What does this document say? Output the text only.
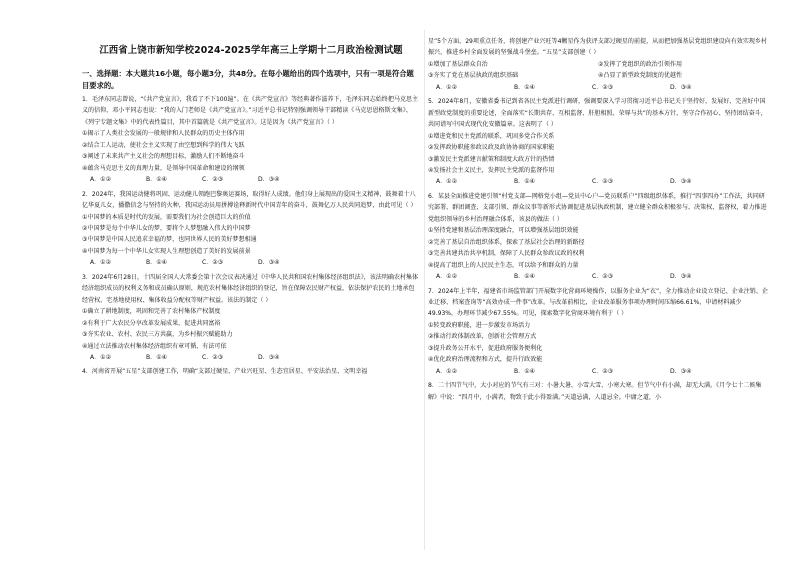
江西省上饶市新知学校2024-2025学年高三上学期十二月政治检测试题
一、选择题：本大题共16小题，每小题3分，共48分。在每小题给出的四个选项中，只有一项是符合题目要求的。

1．毛泽东同志曾说，“《共产党宣言》，我看了不下100遍”。在《共产党宣言》等经典著作滋养下，毛泽东同志始终把马克思主义的信仰，邓小平同志也说：“我的入门老师是《共产党宣言》。”习近平总书记特别强调领导干部精读《马克思恩格斯文集》、《列宁专题文集》中的代表性篇目，其中首篇就是《共产党宣言》。这是因为《共产党宣言》（ ）

①揭示了人类社会发展的一般规律和人民群众的历史主体作用

②结合工人运动，使社会主义实现了由空想到科学的伟大飞跃

③阐述了未来共产主义社会的理想目标，激励人们不断地奋斗

④蕴含马克思主义的真理力量，是领导中国革命和建设的纲领

A．①②	B．①④	C．②③	D．③④

2．2024年，我国运动健将巩固、运动健儿领跑巴黎奥运赛场，取得好人成绩。他们身上展现出的爱国主义精神，鼓舞着十八亿华夏儿女，播撒信念与坚持的火种，我国运动员用拼搏诠释新时代中国青年的奋斗，鼓舞亿万人民共同追梦，由此可见（ ）

①中国梦的本质是时代的发展，需要我们为社会创造巨大的价值

②中国梦是每个中华儿女的梦，要将个人梦想融入伟大的中国梦

③中国梦是中国人民追求幸福的梦，也同世界人民的美好梦想相通

④中国梦为每一个中华儿女实现人生理想创造了美好的发展前景

A．①②	B．①④	C．②③	D．③④

3．2024年6月28日，十四届全国人大常委会第十次会议表决通过《中华人民共和国农村集体经济组织法》，该法明确农村集体经济组织成员的权利义务和成员确认原则，规范农村集体经济组织的登记，旨在保障农民财产权益，依法保护农民的土地承包经营权、宅基地使用权、集体收益分配权等财产权益。该法的制定（ ）

①确立了耕地制度，巩固和完善了农村集体产权制度

②有利于广大农民分享改革发展成果，促进共同富裕

③夯实农业、农村、农民三方共赢，为乡村振兴赋能助力

④通过立法推动农村集体经济组织有章可循、有法可依

A．①②	B．①④	C．②③	D．③④

4．河南省开展“五星”支部创建工作，明确“支部过硬星、产业兴旺星、生态宜居星、平安法治星、文明幸福

星”5个方面、29项重点任务，将创建产业兴旺等4颗星作为获评支部过硬星的前提，从而把加强基层党组织建设向有效实现乡村振兴，推进乡村全面发展的坚强战斗堡垒。“五星”支部创建（ ）

①增加了基层群众自治	②发挥了党组织的政治引领作用

③夯实了党在基层执政的组织基础	④凸显了新型政党制度的优越性

A．①②	B．①④	C．②③	D．③④

5．2024年8月，安徽省委书记到省各民主党派进行调研，强调要深入学习贯彻习近平总书记关于坚持好、发展好、完善好中国新型政党制度的重要论述，全面落实“长期共存、互相监督、肝胆相照、荣辱与共”的基本方针，坚守合作初心、坚持团结奋斗，共同谱写中国式现代化安徽篇章。这表明了（ ）

①增进党和民主党派的联系，巩固多党合作关系

②发挥政协职能参政议政及政协协商的国家职能

③激发民主党派建言献策和制度大政方针的热情

④发扬社会主义民主，发挥民主党派的监督作用

A．①②	B．①④	C．②③	D．③④

6．某县全面推进党建引领“村党支部—网格党小组—党员中心户—党员联系户”四级组织体系，推行“四事四办”工作法，共同研究部署、群团调查、支部引领、群众议事等新形式协调促进基层执政机制，建立健全群众积极参与、决策权、监督权，着力推进党组织领导的乡村治理融合体系，该县的做法（ ）

①坚持党建和基层治理深度融合，可以增强基层组织效能

②完善了基层自治组织体系，探索了基层社会治理的新路径

③完善共建共治共享机制，保障了人民群众参政议政的权利

④提高了组织上的人民民主生态，可以给予和群众的力量

A．①②	B．①④	C．②③	D．③④

7．2024年上半年，福建省市场监管部门开展数字化营商环境操作，以服务企业为“衣”，全力推动企业设立登记、企业注销、企业迁移、档案查询等“高效办成一件事”改革。与改革前相比，企业改革服务事项办理时间压缩66.61%，申请材料减少49.93%，办理环节减少67.55%。可见，探索数字化营商环境有利于（ ）

①转变政府职能，进一步激发市场活力

②推动行政体制改革，创新社会管理方式

③提升政务公开水平，促进政府服务便利化

④优化政府治理流程和方式，提升行政效能

A．①②	B．①④	C．②③	D．③④

8．二十四节气中，大小对应的节气有三对：小暑大暑、小雪大雪、小寒大寒。但节气中有小满，却无大满。《月令七十二候集解》中说：“四月中，小满者，物致于此小得盈满。”天道忌满，人道忌全。中庸之道，小
